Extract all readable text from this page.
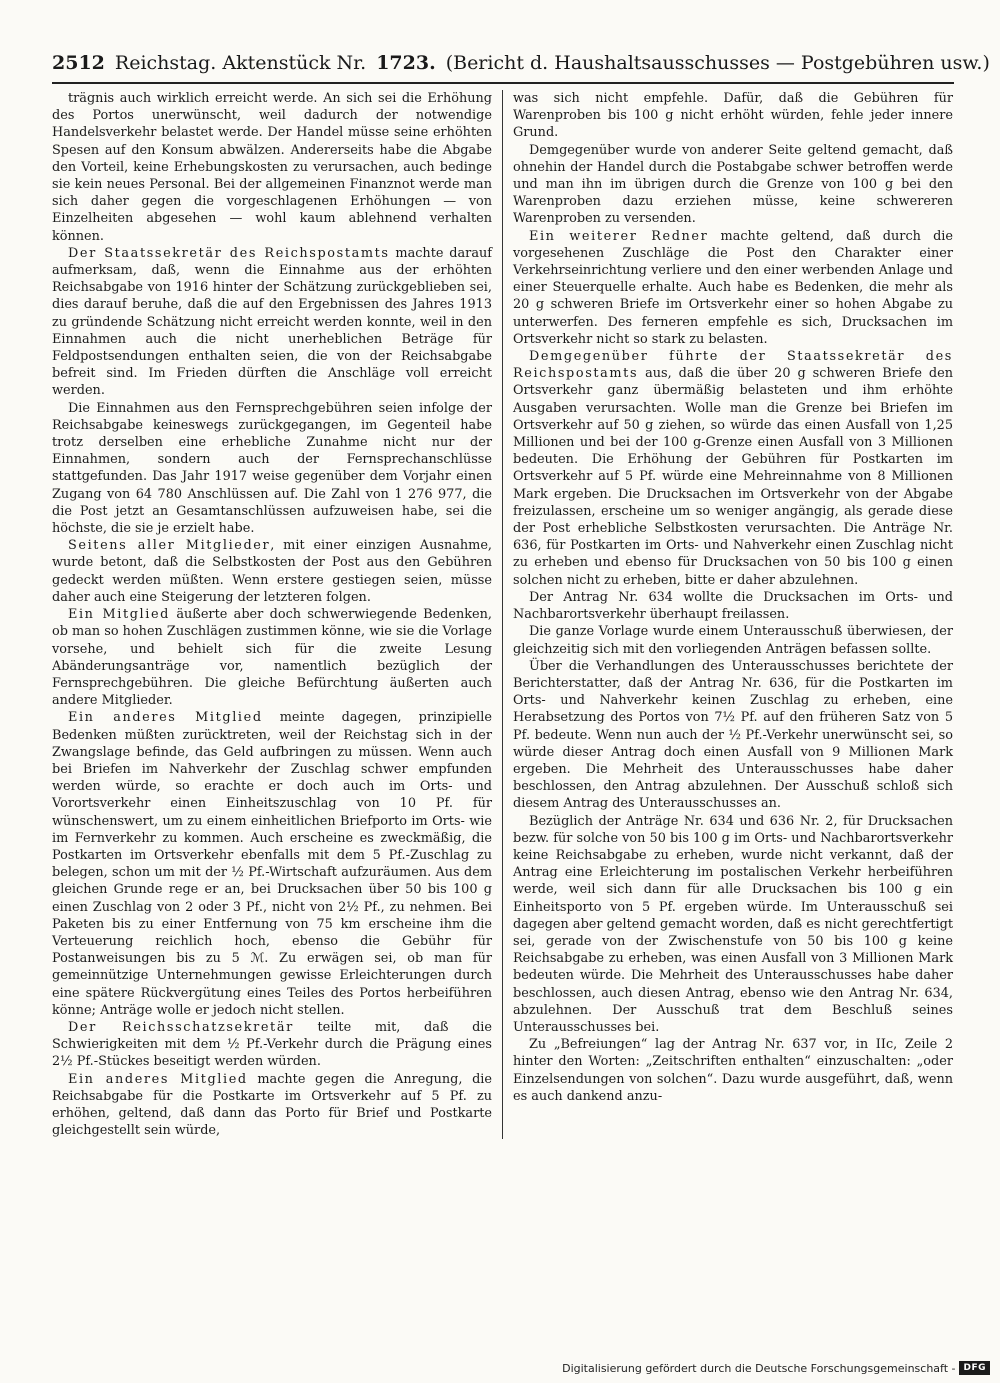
2512 Reichstag. Aktenstück Nr. 1723. (Bericht d. Haushaltsausschusses — Postgebühren usw.)

trägnis auch wirklich erreicht werde. An sich sei die Erhöhung des Portos unerwünscht, weil dadurch der notwendige Handelsverkehr belastet werde. Der Handel müsse seine erhöhten Spesen auf den Konsum abwälzen. Andererseits habe die Abgabe den Vorteil, keine Erhebungskosten zu verursachen, auch bedinge sie kein neues Personal. Bei der allgemeinen Finanznot werde man sich daher gegen die vorgeschlagenen Erhöhungen — von Einzelheiten abgesehen — wohl kaum ablehnend verhalten können.

Der Staatssekretär des Reichspostamts machte darauf aufmerksam, daß, wenn die Einnahme aus der erhöhten Reichsabgabe von 1916 hinter der Schätzung zurückgeblieben sei, dies darauf beruhe, daß die auf den Ergebnissen des Jahres 1913 zu gründende Schätzung nicht erreicht werden konnte, weil in den Einnahmen auch die nicht unerheblichen Beträge für Feldpostsendungen enthalten seien, die von der Reichsabgabe befreit sind. Im Frieden dürften die Anschläge voll erreicht werden.

Die Einnahmen aus den Fernsprechgebühren seien infolge der Reichsabgabe keineswegs zurückgegangen, im Gegenteil habe trotz derselben eine erhebliche Zunahme nicht nur der Einnahmen, sondern auch der Fernsprechanschlüsse stattgefunden. Das Jahr 1917 weise gegenüber dem Vorjahr einen Zugang von 64 780 Anschlüssen auf. Die Zahl von 1 276 977, die die Post jetzt an Gesamtanschlüssen aufzuweisen habe, sei die höchste, die sie je erzielt habe.

Seitens aller Mitglieder, mit einer einzigen Ausnahme, wurde betont, daß die Selbstkosten der Post aus den Gebühren gedeckt werden müßten. Wenn erstere gestiegen seien, müsse daher auch eine Steigerung der letzteren folgen.

Ein Mitglied äußerte aber doch schwerwiegende Bedenken, ob man so hohen Zuschlägen zustimmen könne, wie sie die Vorlage vorsehe, und behielt sich für die zweite Lesung Abänderungsanträge vor, namentlich bezüglich der Fernsprechgebühren. Die gleiche Befürchtung äußerten auch andere Mitglieder.

Ein anderes Mitglied meinte dagegen, prinzipielle Bedenken müßten zurücktreten, weil der Reichstag sich in der Zwangslage befinde, das Geld aufbringen zu müssen. Wenn auch bei Briefen im Nahverkehr der Zuschlag schwer empfunden werden würde, so erachte er doch auch im Orts- und Vorortsverkehr einen Einheitszuschlag von 10 Pf. für wünschenswert, um zu einem einheitlichen Briefporto im Orts- wie im Fernverkehr zu kommen. Auch erscheine es zweckmäßig, die Postkarten im Ortsverkehr ebenfalls mit dem 5 Pf.-Zuschlag zu belegen, schon um mit der ½ Pf.-Wirtschaft aufzuräumen. Aus dem gleichen Grunde rege er an, bei Drucksachen über 50 bis 100 g einen Zuschlag von 2 oder 3 Pf., nicht von 2½ Pf., zu nehmen. Bei Paketen bis zu einer Entfernung von 75 km erscheine ihm die Verteuerung reichlich hoch, ebenso die Gebühr für Postanweisungen bis zu 5 ℳ. Zu erwägen sei, ob man für gemeinnützige Unternehmungen gewisse Erleichterungen durch eine spätere Rückvergütung eines Teiles des Portos herbeiführen könne; Anträge wolle er jedoch nicht stellen.

Der Reichsschatzsekretär teilte mit, daß die Schwierigkeiten mit dem ½ Pf.-Verkehr durch die Prägung eines 2½ Pf.-Stückes beseitigt werden würden.

Ein anderes Mitglied machte gegen die Anregung, die Reichsabgabe für die Postkarte im Ortsverkehr auf 5 Pf. zu erhöhen, geltend, daß dann das Porto für Brief und Postkarte gleichgestellt sein würde,

was sich nicht empfehle. Dafür, daß die Gebühren für Warenproben bis 100 g nicht erhöht würden, fehle jeder innere Grund.

Demgegenüber wurde von anderer Seite geltend gemacht, daß ohnehin der Handel durch die Postabgabe schwer betroffen werde und man ihn im übrigen durch die Grenze von 100 g bei den Warenproben dazu erziehen müsse, keine schwereren Warenproben zu versenden.

Ein weiterer Redner machte geltend, daß durch die vorgesehenen Zuschläge die Post den Charakter einer Verkehrseinrichtung verliere und den einer werbenden Anlage und einer Steuerquelle erhalte. Auch habe es Bedenken, die mehr als 20 g schweren Briefe im Ortsverkehr einer so hohen Abgabe zu unterwerfen. Des ferneren empfehle es sich, Drucksachen im Ortsverkehr nicht so stark zu belasten.

Demgegenüber führte der Staatssekretär des Reichspostamts aus, daß die über 20 g schweren Briefe den Ortsverkehr ganz übermäßig belasteten und ihm erhöhte Ausgaben verursachten. Wolle man die Grenze bei Briefen im Ortsverkehr auf 50 g ziehen, so würde das einen Ausfall von 1,25 Millionen und bei der 100 g-Grenze einen Ausfall von 3 Millionen bedeuten. Die Erhöhung der Gebühren für Postkarten im Ortsverkehr auf 5 Pf. würde eine Mehreinnahme von 8 Millionen Mark ergeben. Die Drucksachen im Ortsverkehr von der Abgabe freizulassen, erscheine um so weniger angängig, als gerade diese der Post erhebliche Selbstkosten verursachten. Die Anträge Nr. 636, für Postkarten im Orts- und Nahverkehr einen Zuschlag nicht zu erheben und ebenso für Drucksachen von 50 bis 100 g einen solchen nicht zu erheben, bitte er daher abzulehnen.

Der Antrag Nr. 634 wollte die Drucksachen im Orts- und Nachbarortsverkehr überhaupt freilassen.

Die ganze Vorlage wurde einem Unterausschuß überwiesen, der gleichzeitig sich mit den vorliegenden Anträgen befassen sollte.

Über die Verhandlungen des Unterausschusses berichtete der Berichterstatter, daß der Antrag Nr. 636, für die Postkarten im Orts- und Nahverkehr keinen Zuschlag zu erheben, eine Herabsetzung des Portos von 7½ Pf. auf den früheren Satz von 5 Pf. bedeute. Wenn nun auch der ½ Pf.-Verkehr unerwünscht sei, so würde dieser Antrag doch einen Ausfall von 9 Millionen Mark ergeben. Die Mehrheit des Unterausschusses habe daher beschlossen, den Antrag abzulehnen. Der Ausschuß schloß sich diesem Antrag des Unterausschusses an.

Bezüglich der Anträge Nr. 634 und 636 Nr. 2, für Drucksachen bezw. für solche von 50 bis 100 g im Orts- und Nachbarortsverkehr keine Reichsabgabe zu erheben, wurde nicht verkannt, daß der Antrag eine Erleichterung im postalischen Verkehr herbeiführen werde, weil sich dann für alle Drucksachen bis 100 g ein Einheitsporto von 5 Pf. ergeben würde. Im Unterausschuß sei dagegen aber geltend gemacht worden, daß es nicht gerechtfertigt sei, gerade von der Zwischenstufe von 50 bis 100 g keine Reichsabgabe zu erheben, was einen Ausfall von 3 Millionen Mark bedeuten würde. Die Mehrheit des Unterausschusses habe daher beschlossen, auch diesen Antrag, ebenso wie den Antrag Nr. 634, abzulehnen. Der Ausschuß trat dem Beschluß seines Unterausschusses bei.

Zu „Befreiungen“ lag der Antrag Nr. 637 vor, in IIc, Zeile 2 hinter den Worten: „Zeitschriften enthalten“ einzuschalten: „oder Einzelsendungen von solchen“. Dazu wurde ausgeführt, daß, wenn es auch dankend anzu-

Digitalisierung gefördert durch die Deutsche Forschungsgemeinschaft - DFG
